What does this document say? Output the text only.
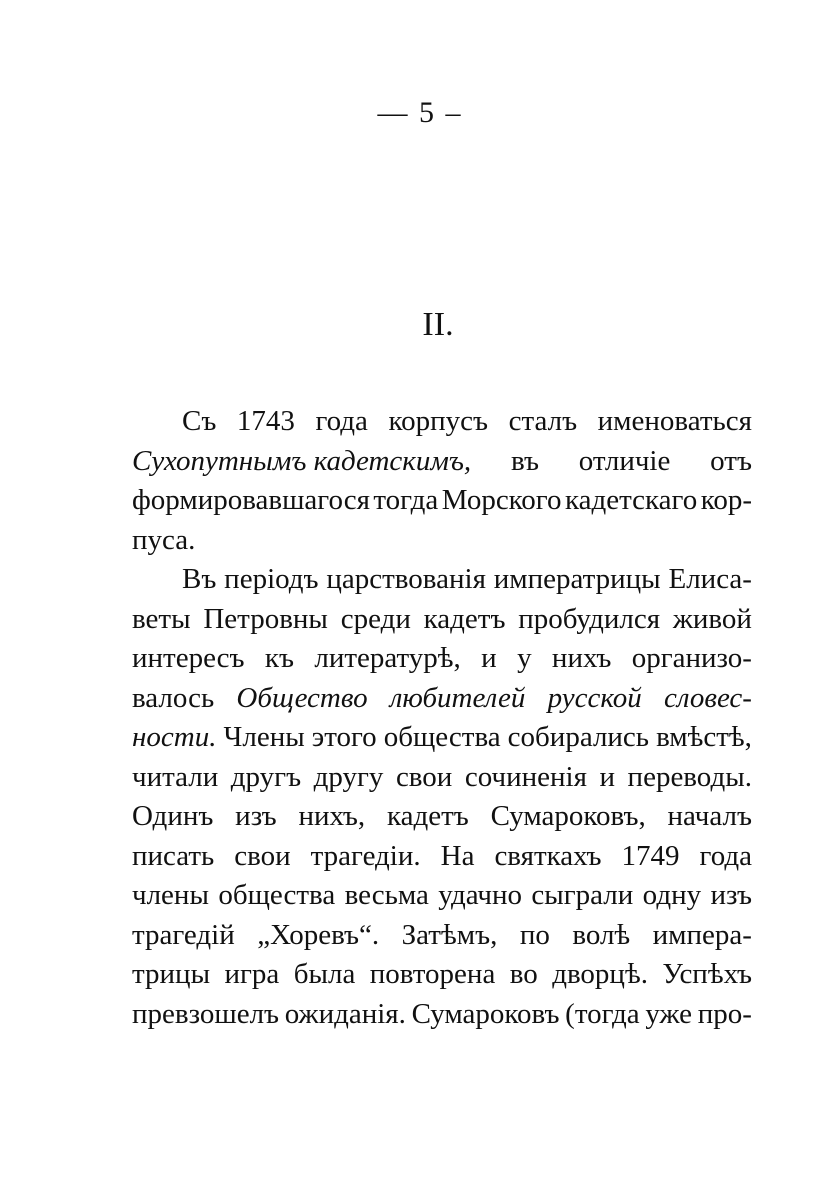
— 5 –
II.
Съ 1743 года корпусъ сталъ именоваться
Сухопутнымъ кадетскимъ, въ отличіе отъ
формировавшагося тогда Морского кадетскаго кор-
пуса.
Въ періодъ царствованія императрицы Елиса-
веты Петровны среди кадетъ пробудился живой
интересъ къ литературѣ, и у нихъ организо-
валось Общество любителей русской словес-
ности. Члены этого общества собирались вмѣстѣ,
читали другъ другу свои сочиненія и переводы.
Одинъ изъ нихъ, кадетъ Сумароковъ, началъ
писать свои трагедіи. На святкахъ 1749 года
члены общества весьма удачно сыграли одну изъ
трагедій „Хоревъ“. Затѣмъ, по волѣ импера-
трицы игра была повторена во дворцѣ. Успѣхъ
превзошелъ ожиданія. Сумароковъ (тогда уже про-
